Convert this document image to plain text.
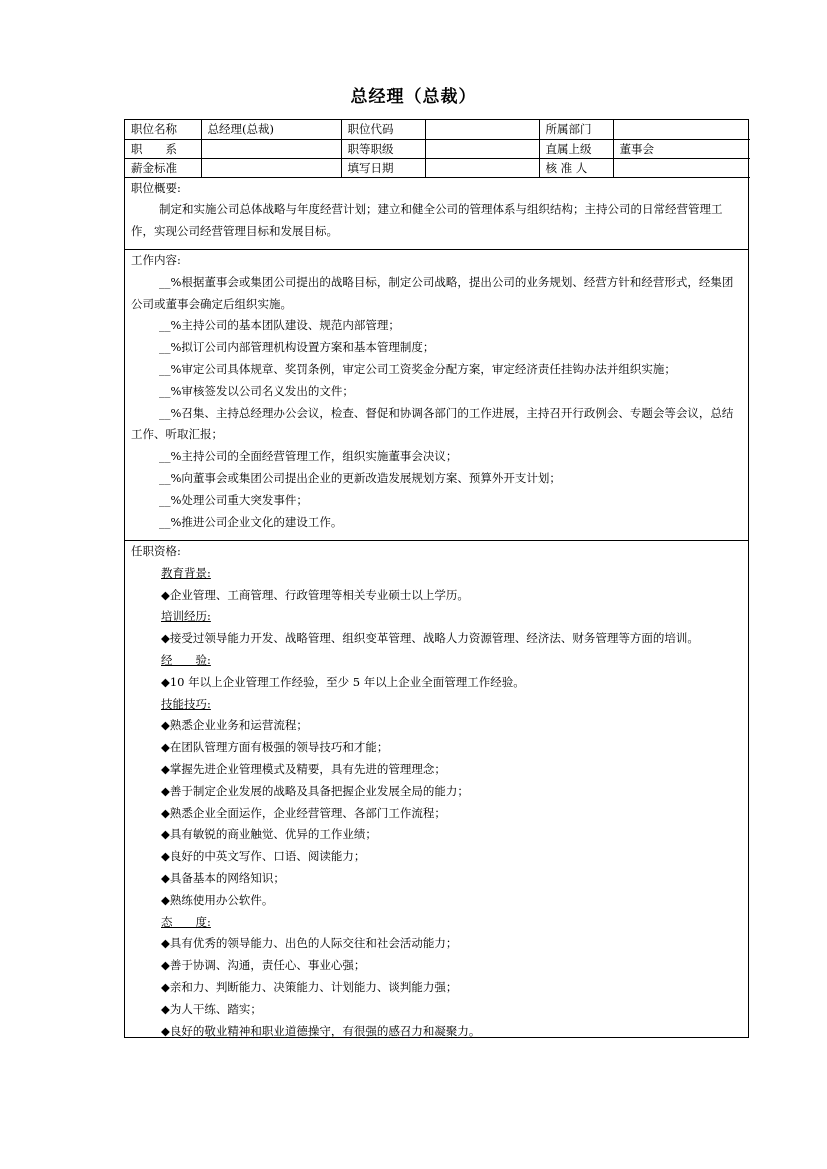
总经理（总裁）
职位名称	总经理(总裁)	职位代码		所属部门	
职　　系		职等职级		直属上级	董事会
薪金标准		填写日期		核 准 人	

职位概要:

制定和实施公司总体战略与年度经营计划；建立和健全公司的管理体系与组织结构；主持公司的日常经营管理工作，实现公司经营管理目标和发展目标。

工作内容:

__%根据董事会或集团公司提出的战略目标，制定公司战略，提出公司的业务规划、经营方针和经营形式，经集团公司或董事会确定后组织实施。

__%主持公司的基本团队建设、规范内部管理；

__%拟订公司内部管理机构设置方案和基本管理制度；

__%审定公司具体规章、奖罚条例，审定公司工资奖金分配方案，审定经济责任挂钩办法并组织实施；

__%审核签发以公司名义发出的文件；

__%召集、主持总经理办公会议，检查、督促和协调各部门的工作进展，主持召开行政例会、专题会等会议，总结工作、听取汇报；

__%主持公司的全面经营管理工作，组织实施董事会决议；

__%向董事会或集团公司提出企业的更新改造发展规划方案、预算外开支计划；

__%处理公司重大突发事件；

__%推进公司企业文化的建设工作。

任职资格:

教育背景:

◆企业管理、工商管理、行政管理等相关专业硕士以上学历。

培训经历:

◆接受过领导能力开发、战略管理、组织变革管理、战略人力资源管理、经济法、财务管理等方面的培训。

经　　验:

◆10 年以上企业管理工作经验，至少 5 年以上企业全面管理工作经验。

技能技巧:

◆熟悉企业业务和运营流程；

◆在团队管理方面有极强的领导技巧和才能；

◆掌握先进企业管理模式及精要，具有先进的管理理念；

◆善于制定企业发展的战略及具备把握企业发展全局的能力；

◆熟悉企业全面运作，企业经营管理、各部门工作流程；

◆具有敏锐的商业触觉、优异的工作业绩；

◆良好的中英文写作、口语、阅读能力；

◆具备基本的网络知识；

◆熟练使用办公软件。

态　　度:

◆具有优秀的领导能力、出色的人际交往和社会活动能力；

◆善于协调、沟通，责任心、事业心强；

◆亲和力、判断能力、决策能力、计划能力、谈判能力强；

◆为人干练、踏实；

◆良好的敬业精神和职业道德操守，有很强的感召力和凝聚力。
